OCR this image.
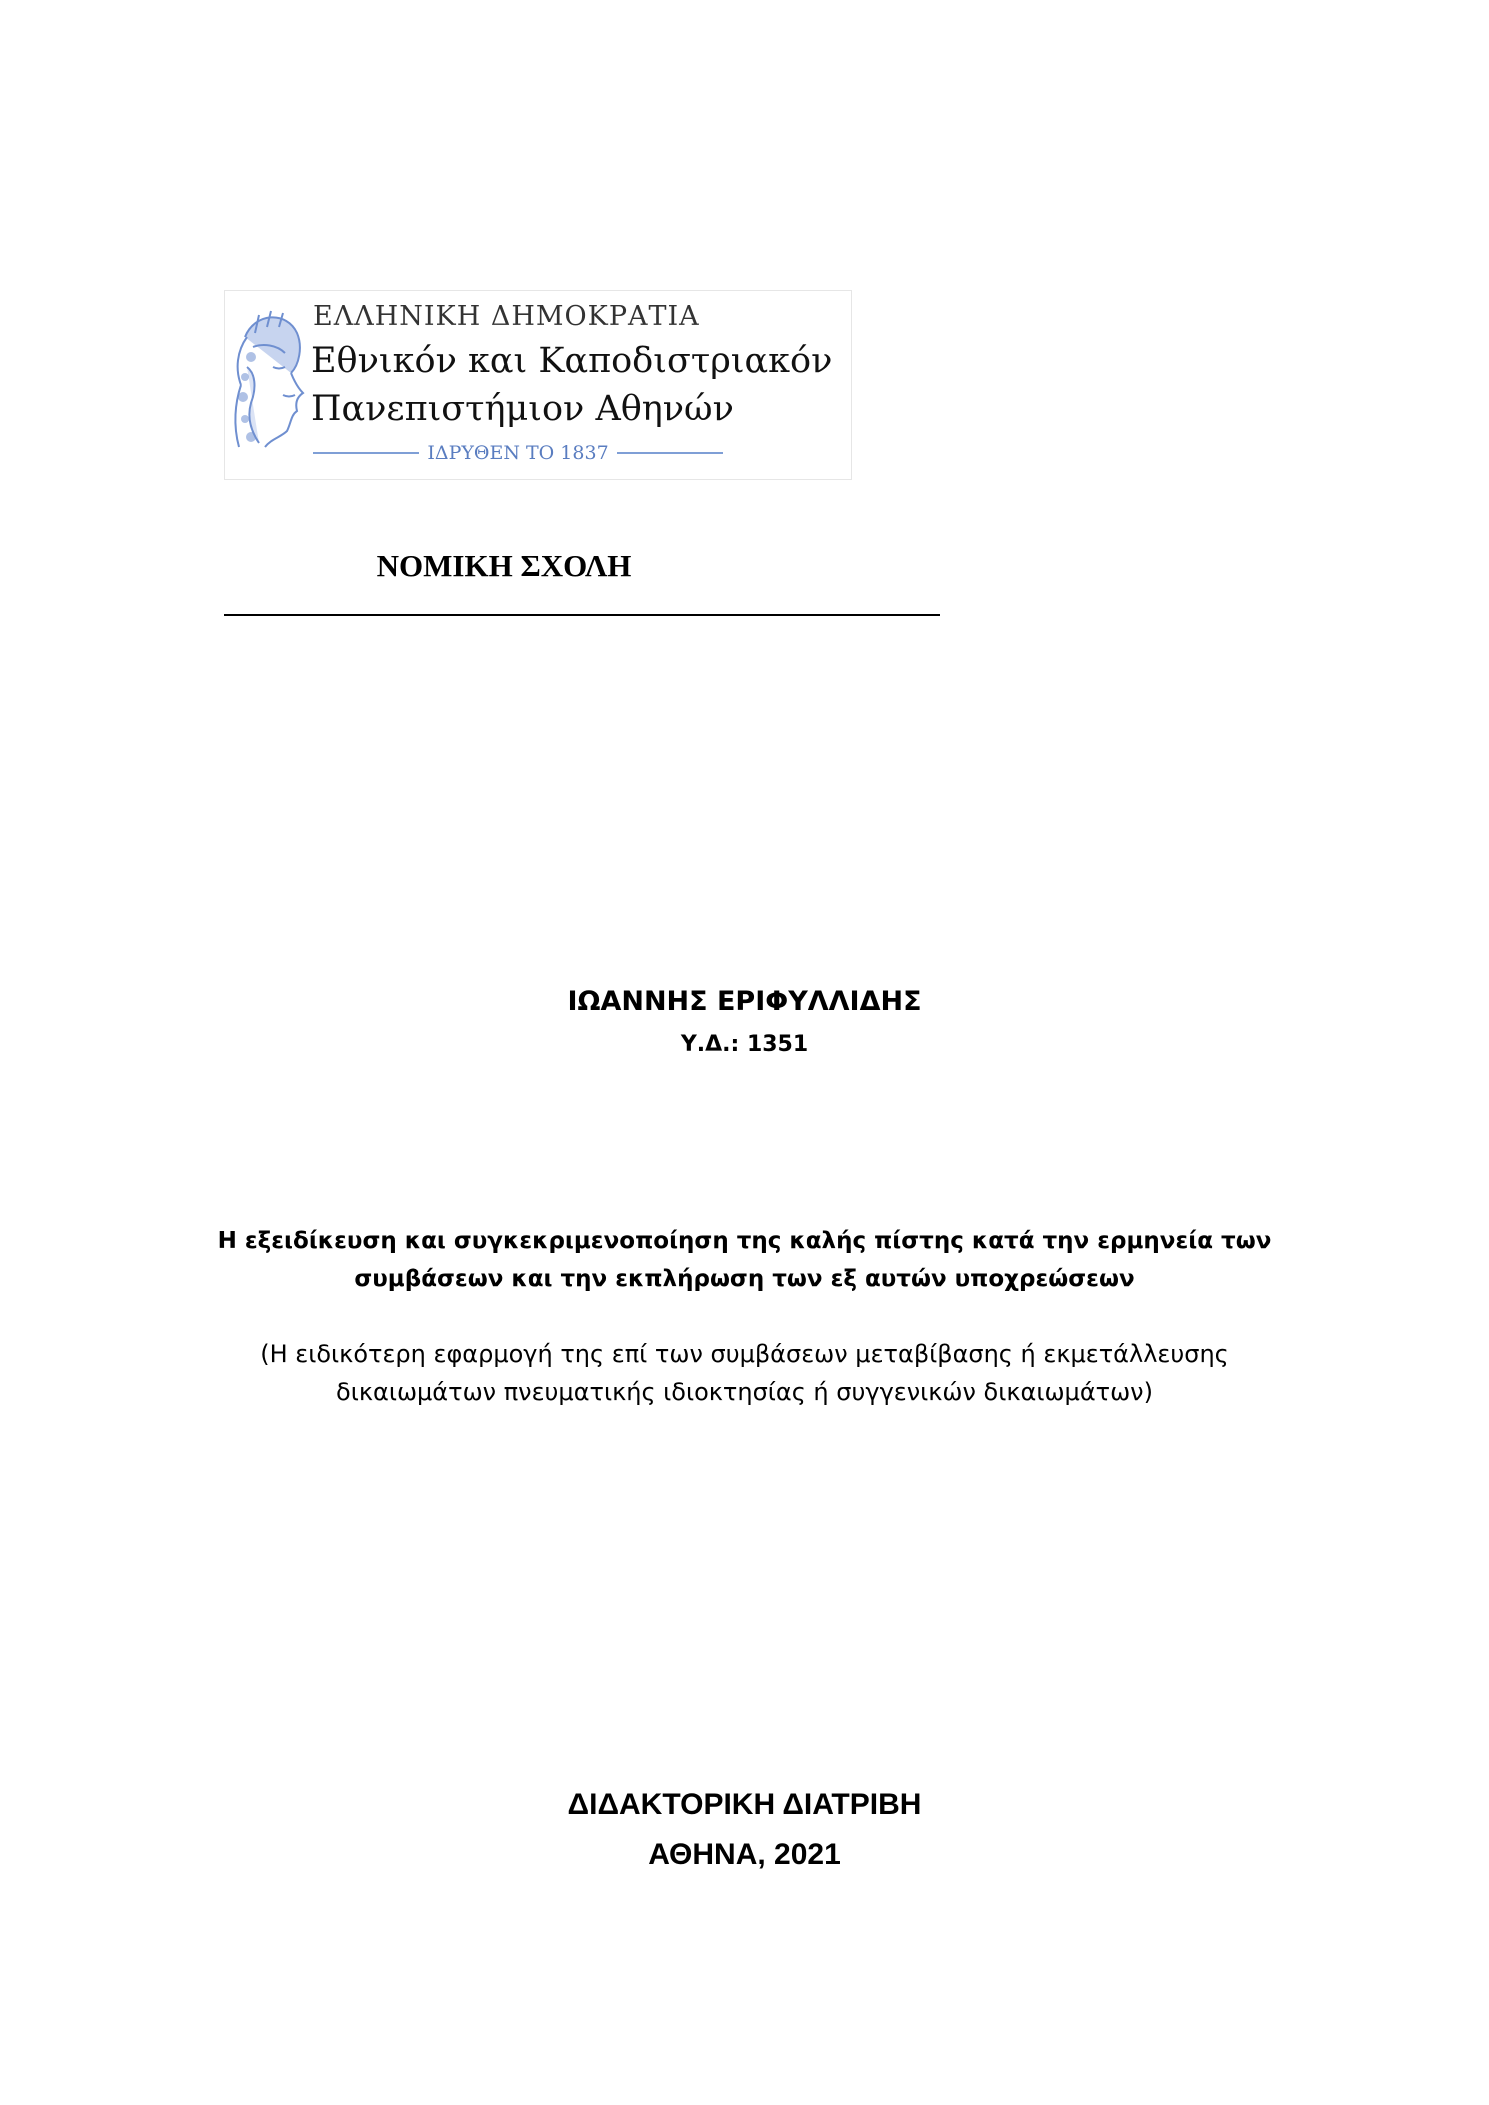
ΕΛΛΗΝΙΚΗ ΔΗΜΟΚΡΑΤΙΑ
Εθνικόν και Καποδιστριακόν
Πανεπιστήμιον Αθηνών
ΙΔΡΥΘΕΝ ΤΟ 1837
ΝΟΜΙΚΗ ΣΧΟΛΗ
ΙΩΑΝΝΗΣ ΕΡΙΦΥΛΛΙΔΗΣ
Υ.Δ.: 1351
Η εξειδίκευση και συγκεκριμενοποίηση της καλής πίστης κατά την ερμηνεία των
συμβάσεων και την εκπλήρωση των εξ αυτών υποχρεώσεων
(Η ειδικότερη εφαρμογή της επί των συμβάσεων μεταβίβασης ή εκμετάλλευσης
δικαιωμάτων πνευματικής ιδιοκτησίας ή συγγενικών δικαιωμάτων)
ΔΙΔΑΚΤΟΡΙΚΗ ΔΙΑΤΡΙΒΗ
ΑΘΗΝΑ, 2021
